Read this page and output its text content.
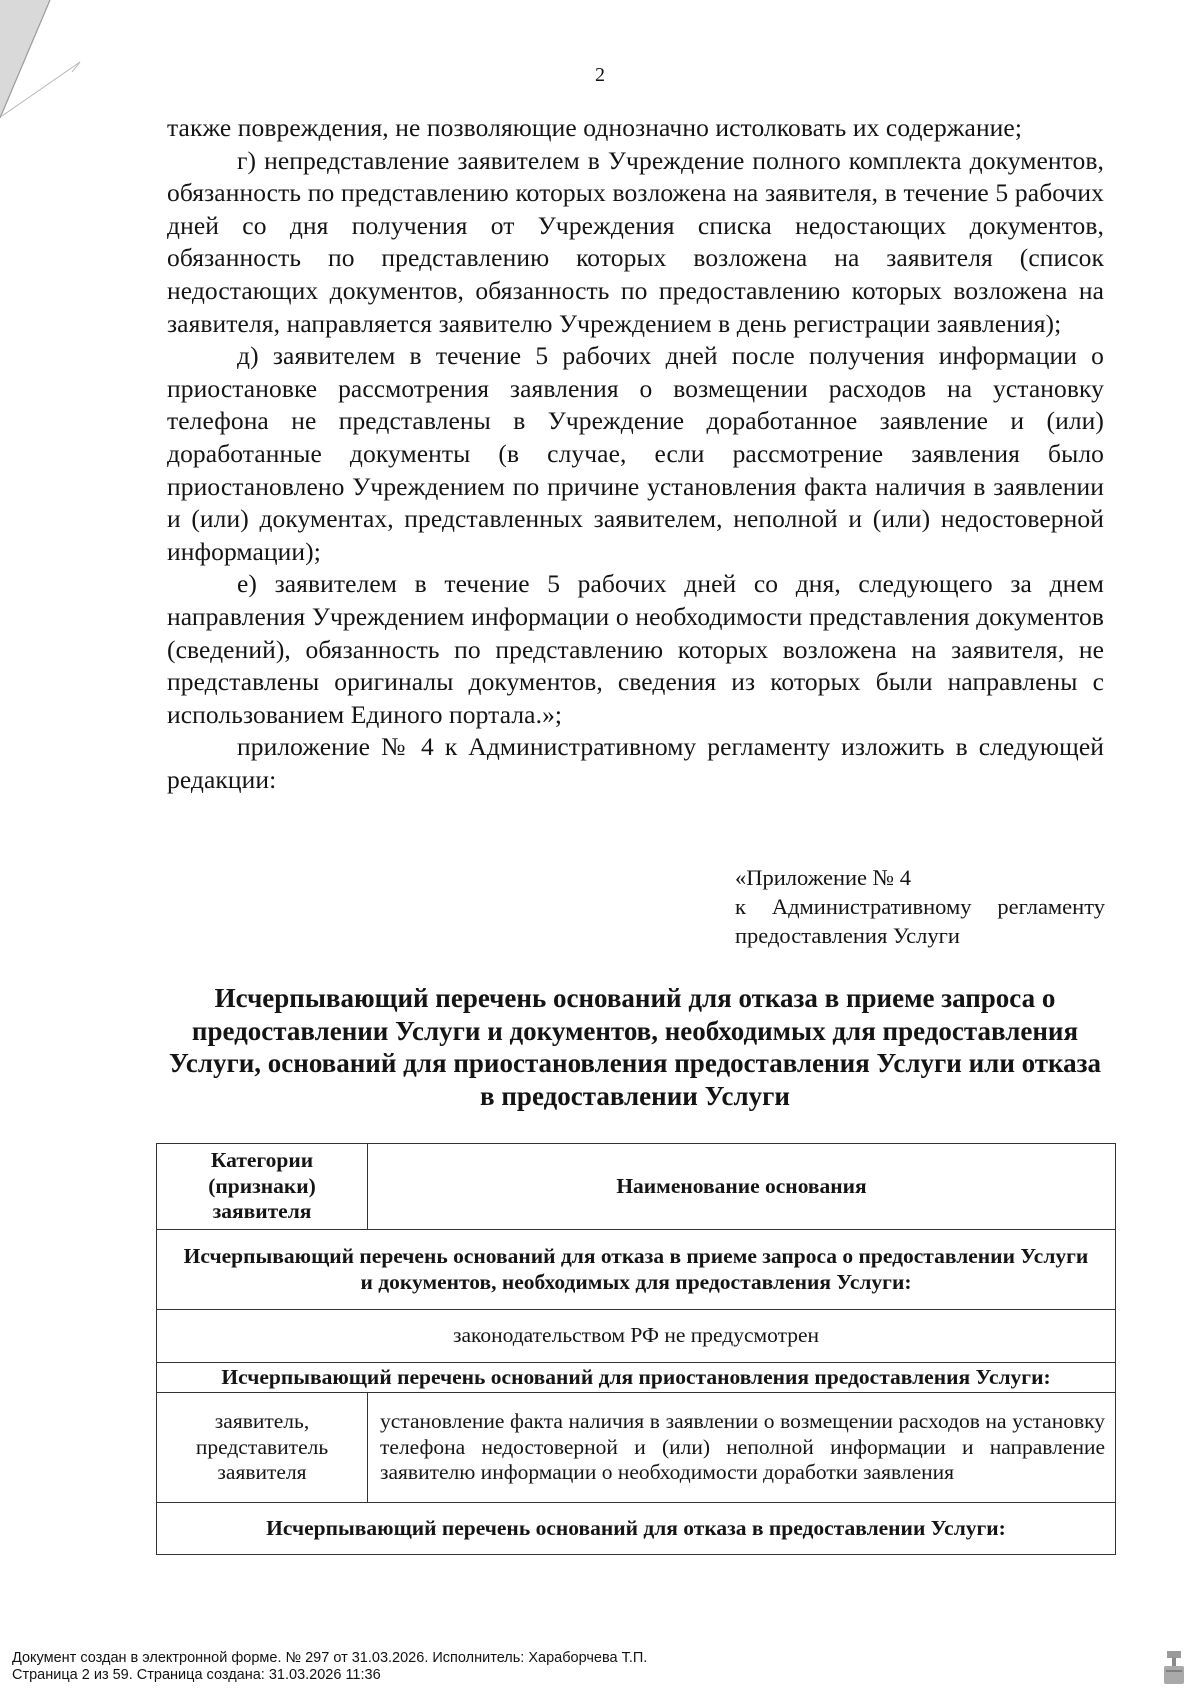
2

также повреждения, не позволяющие однозначно истолковать их содержание;

г) непредставление заявителем в Учреждение полного комплекта документов, обязанность по представлению которых возложена на заявителя, в течение 5 рабочих дней со дня получения от Учреждения списка недостающих документов, обязанность по представлению которых возложена на заявителя (список недостающих документов, обязанность по предоставлению которых возложена на заявителя, направляется заявителю Учреждением в день регистрации заявления);

д) заявителем в течение 5 рабочих дней после получения информации о приостановке рассмотрения заявления о возмещении расходов на установку телефона не представлены в Учреждение доработанное заявление и (или) доработанные документы (в случае, если рассмотрение заявления было приостановлено Учреждением по причине установления факта наличия в заявлении и (или) документах, представленных заявителем, неполной и (или) недостоверной информации);

е) заявителем в течение 5 рабочих дней со дня, следующего за днем направления Учреждением информации о необходимости представления документов (сведений), обязанность по представлению которых возложена на заявителя, не представлены оригиналы документов, сведения из которых были направлены с использованием Единого портала.»;

приложение № 4 к Административному регламенту изложить в следующей редакции:

«Приложение № 4
к Административному регламенту
предоставления Услуги
Исчерпывающий перечень оснований для отказа в приеме запроса о предоставлении Услуги и документов, необходимых для предоставления Услуги, оснований для приостановления предоставления Услуги или отказа в предоставлении Услуги
Категории (признаки) заявителя	Наименование основания
Исчерпывающий перечень оснований для отказа в приеме запроса о предоставлении Услуги и документов, необходимых для предоставления Услуги:	
законодательством РФ не предусмотрен	
Исчерпывающий перечень оснований для приостановления предоставления Услуги:	
заявитель, представитель заявителя	установление факта наличия в заявлении о возмещении расходов на установку телефона недостоверной и (или) неполной информации и направление заявителю информации о необходимости доработки заявления
Исчерпывающий перечень оснований для отказа в предоставлении Услуги:	
Документ создан в электронной форме. № 297 от 31.03.2026. Исполнитель: Хараборчева Т.П.
Страница 2 из 59. Страница создана: 31.03.2026 11:36
